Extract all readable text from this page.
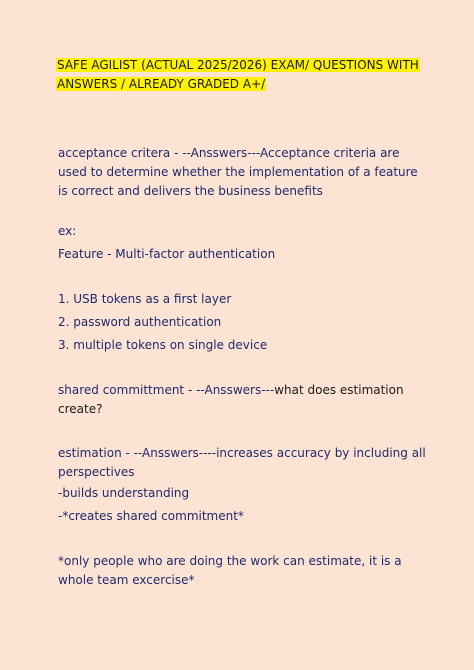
SAFE AGILIST (ACTUAL 2025/2026) EXAM/ QUESTIONS WITH
ANSWERS / ALREADY GRADED A+/

acceptance critera - --Ansswers---Acceptance criteria are used to determine whether the implementation of a feature is correct and delivers the business benefits

ex:

Feature - Multi-factor authentication

1. USB tokens as a first layer

2. password authentication

3. multiple tokens on single device

shared committment - --Ansswers---what does estimation create?

estimation - --Ansswers----increases accuracy by including all perspectives

-builds understanding

-*creates shared commitment*

*only people who are doing the work can estimate, it is a whole team excercise*
